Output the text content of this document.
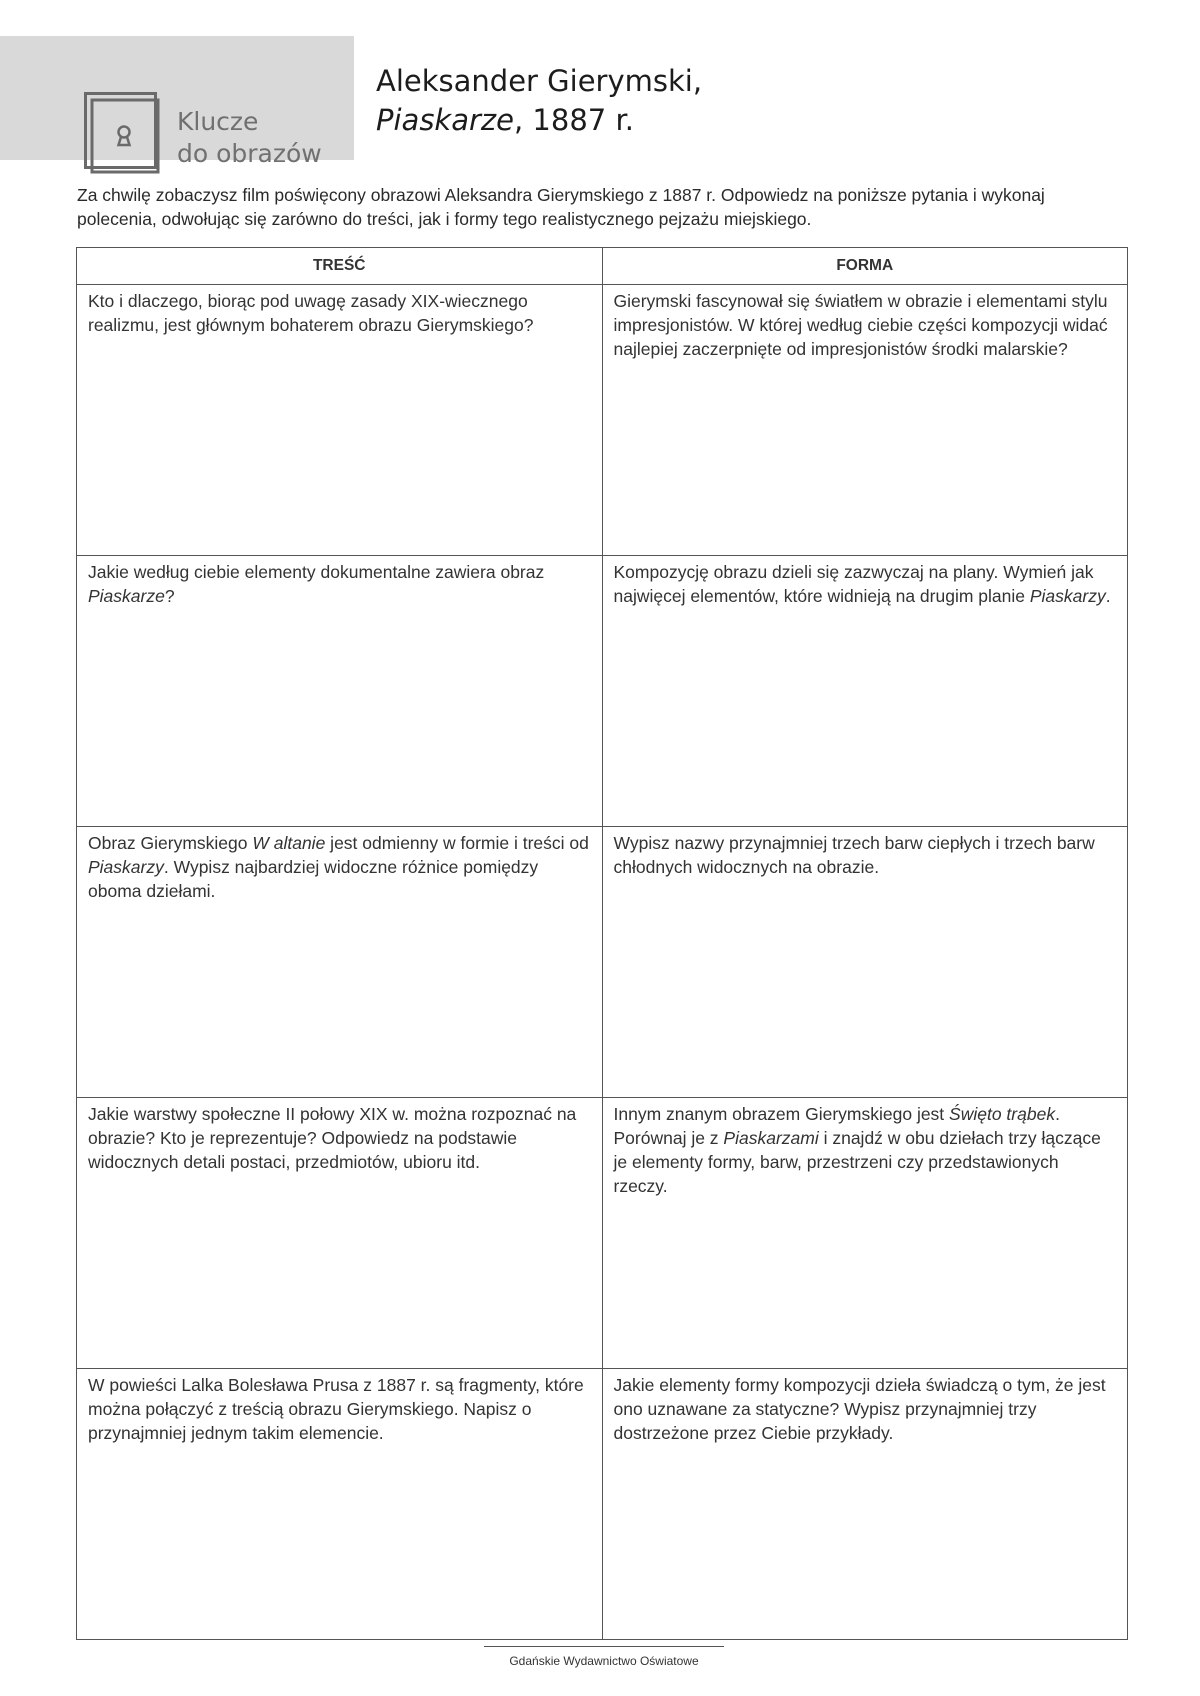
Klucze
do obrazów
Aleksander Gierymski,
Piaskarze, 1887 r.
Za chwilę zobaczysz film poświęcony obrazowi Aleksandra Gierymskiego z 1887 r. Odpowiedz na poniższe pytania i wykonaj
polecenia, odwołując się zarówno do treści, jak i formy tego realistycznego pejzażu miejskiego.
TREŚĆ	FORMA
Kto i dlaczego, biorąc pod uwagę zasady XIX-wiecznego realizmu, jest głównym bohaterem obrazu Gierymskiego?	Gierymski fascynował się światłem w obrazie i elementami stylu impresjonistów. W której według ciebie części kompozycji widać najlepiej zaczerpnięte od impresjonistów środki malarskie?
Jakie według ciebie elementy dokumentalne zawiera obraz Piaskarze?	Kompozycję obrazu dzieli się zazwyczaj na plany. Wymień jak najwięcej elementów, które widnieją na drugim planie Piaskarzy.
Obraz Gierymskiego W altanie jest odmienny w formie i treści od Piaskarzy. Wypisz najbardziej widoczne różnice pomiędzy oboma dziełami.	Wypisz nazwy przynajmniej trzech barw ciepłych i trzech barw chłodnych widocznych na obrazie.
Jakie warstwy społeczne II połowy XIX w. można rozpoznać na obrazie? Kto je reprezentuje? Odpowiedz na podstawie widocznych detali postaci, przedmiotów, ubioru itd.	Innym znanym obrazem Gierymskiego jest Święto trąbek. Porównaj je z Piaskarzami i znajdź w obu dziełach trzy łączące je elementy formy, barw, przestrzeni czy przedstawionych rzeczy.
W powieści Lalka Bolesława Prusa z 1887 r. są fragmenty, które można połączyć z treścią obrazu Gierymskiego. Napisz o przynajmniej jednym takim elemencie.	Jakie elementy formy kompozycji dzieła świadczą o tym, że jest ono uznawane za statyczne? Wypisz przynajmniej trzy dostrzeżone przez Ciebie przykłady.
Gdańskie Wydawnictwo Oświatowe
